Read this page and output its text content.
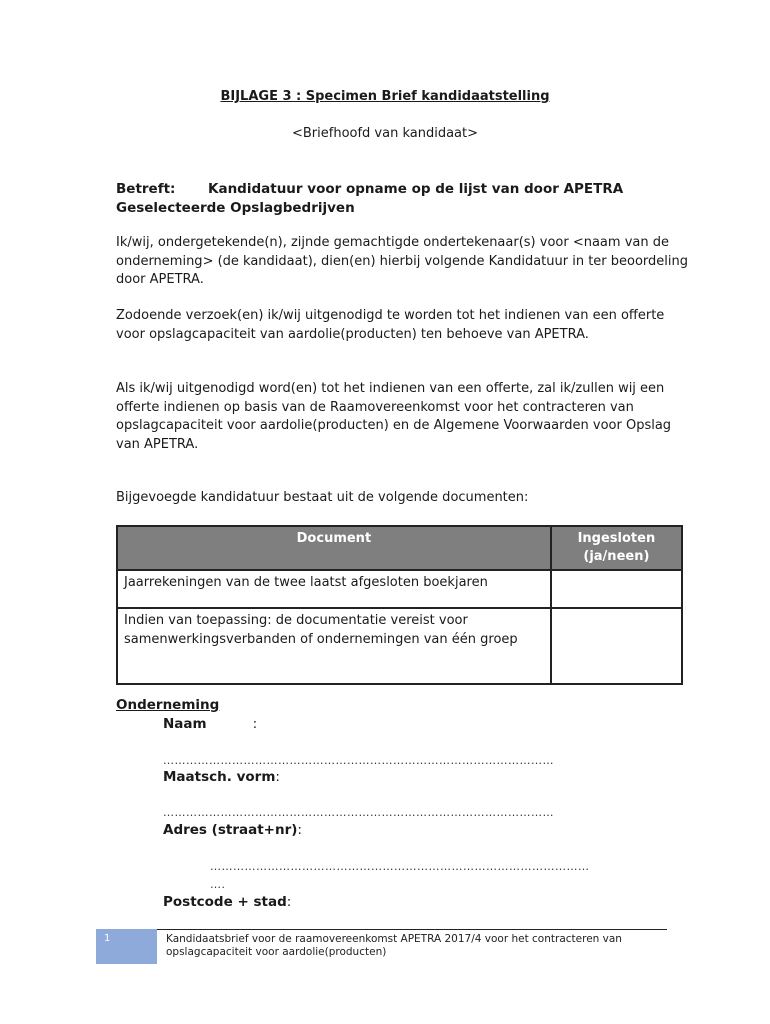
BIJLAGE 3 : Specimen Brief kandidaatstelling
<Briefhoofd van kandidaat>
Betreft: Kandidatuur voor opname op de lijst van door APETRA
Geselecteerde Opslagbedrijven
Ik/wij, ondergetekende(n), zijnde gemachtigde ondertekenaar(s) voor <naam van de onderneming> (de kandidaat), dien(en) hierbij volgende Kandidatuur in ter beoordeling door APETRA.
Zodoende verzoek(en) ik/wij uitgenodigd te worden tot het indienen van een offerte voor opslagcapaciteit van aardolie(producten) ten behoeve van APETRA.
Als ik/wij uitgenodigd word(en) tot het indienen van een offerte, zal ik/zullen wij een offerte indienen op basis van de Raamovereenkomst voor het contracteren van opslagcapaciteit voor aardolie(producten) en de Algemene Voorwaarden voor Opslag van APETRA.
Bijgevoegde kandidatuur bestaat uit de volgende documenten:
Document	Ingesloten (ja/neen)
Jaarrekeningen van de twee laatst afgesloten boekjaren	
Indien van toepassing: de documentatie vereist voor samenwerkingsverbanden of ondernemingen van één groep	
Onderneming
Naam	:
…………………………………………………………………………………………
Maatsch. vorm:
…………………………………………………………………………………………
Adres (straat+nr):
………………………………………………………………………………………
….
Postcode + stad:
1	Kandidaatsbrief voor de raamovereenkomst APETRA 2017/4 voor het contracteren van opslagcapaciteit voor aardolie(producten)
